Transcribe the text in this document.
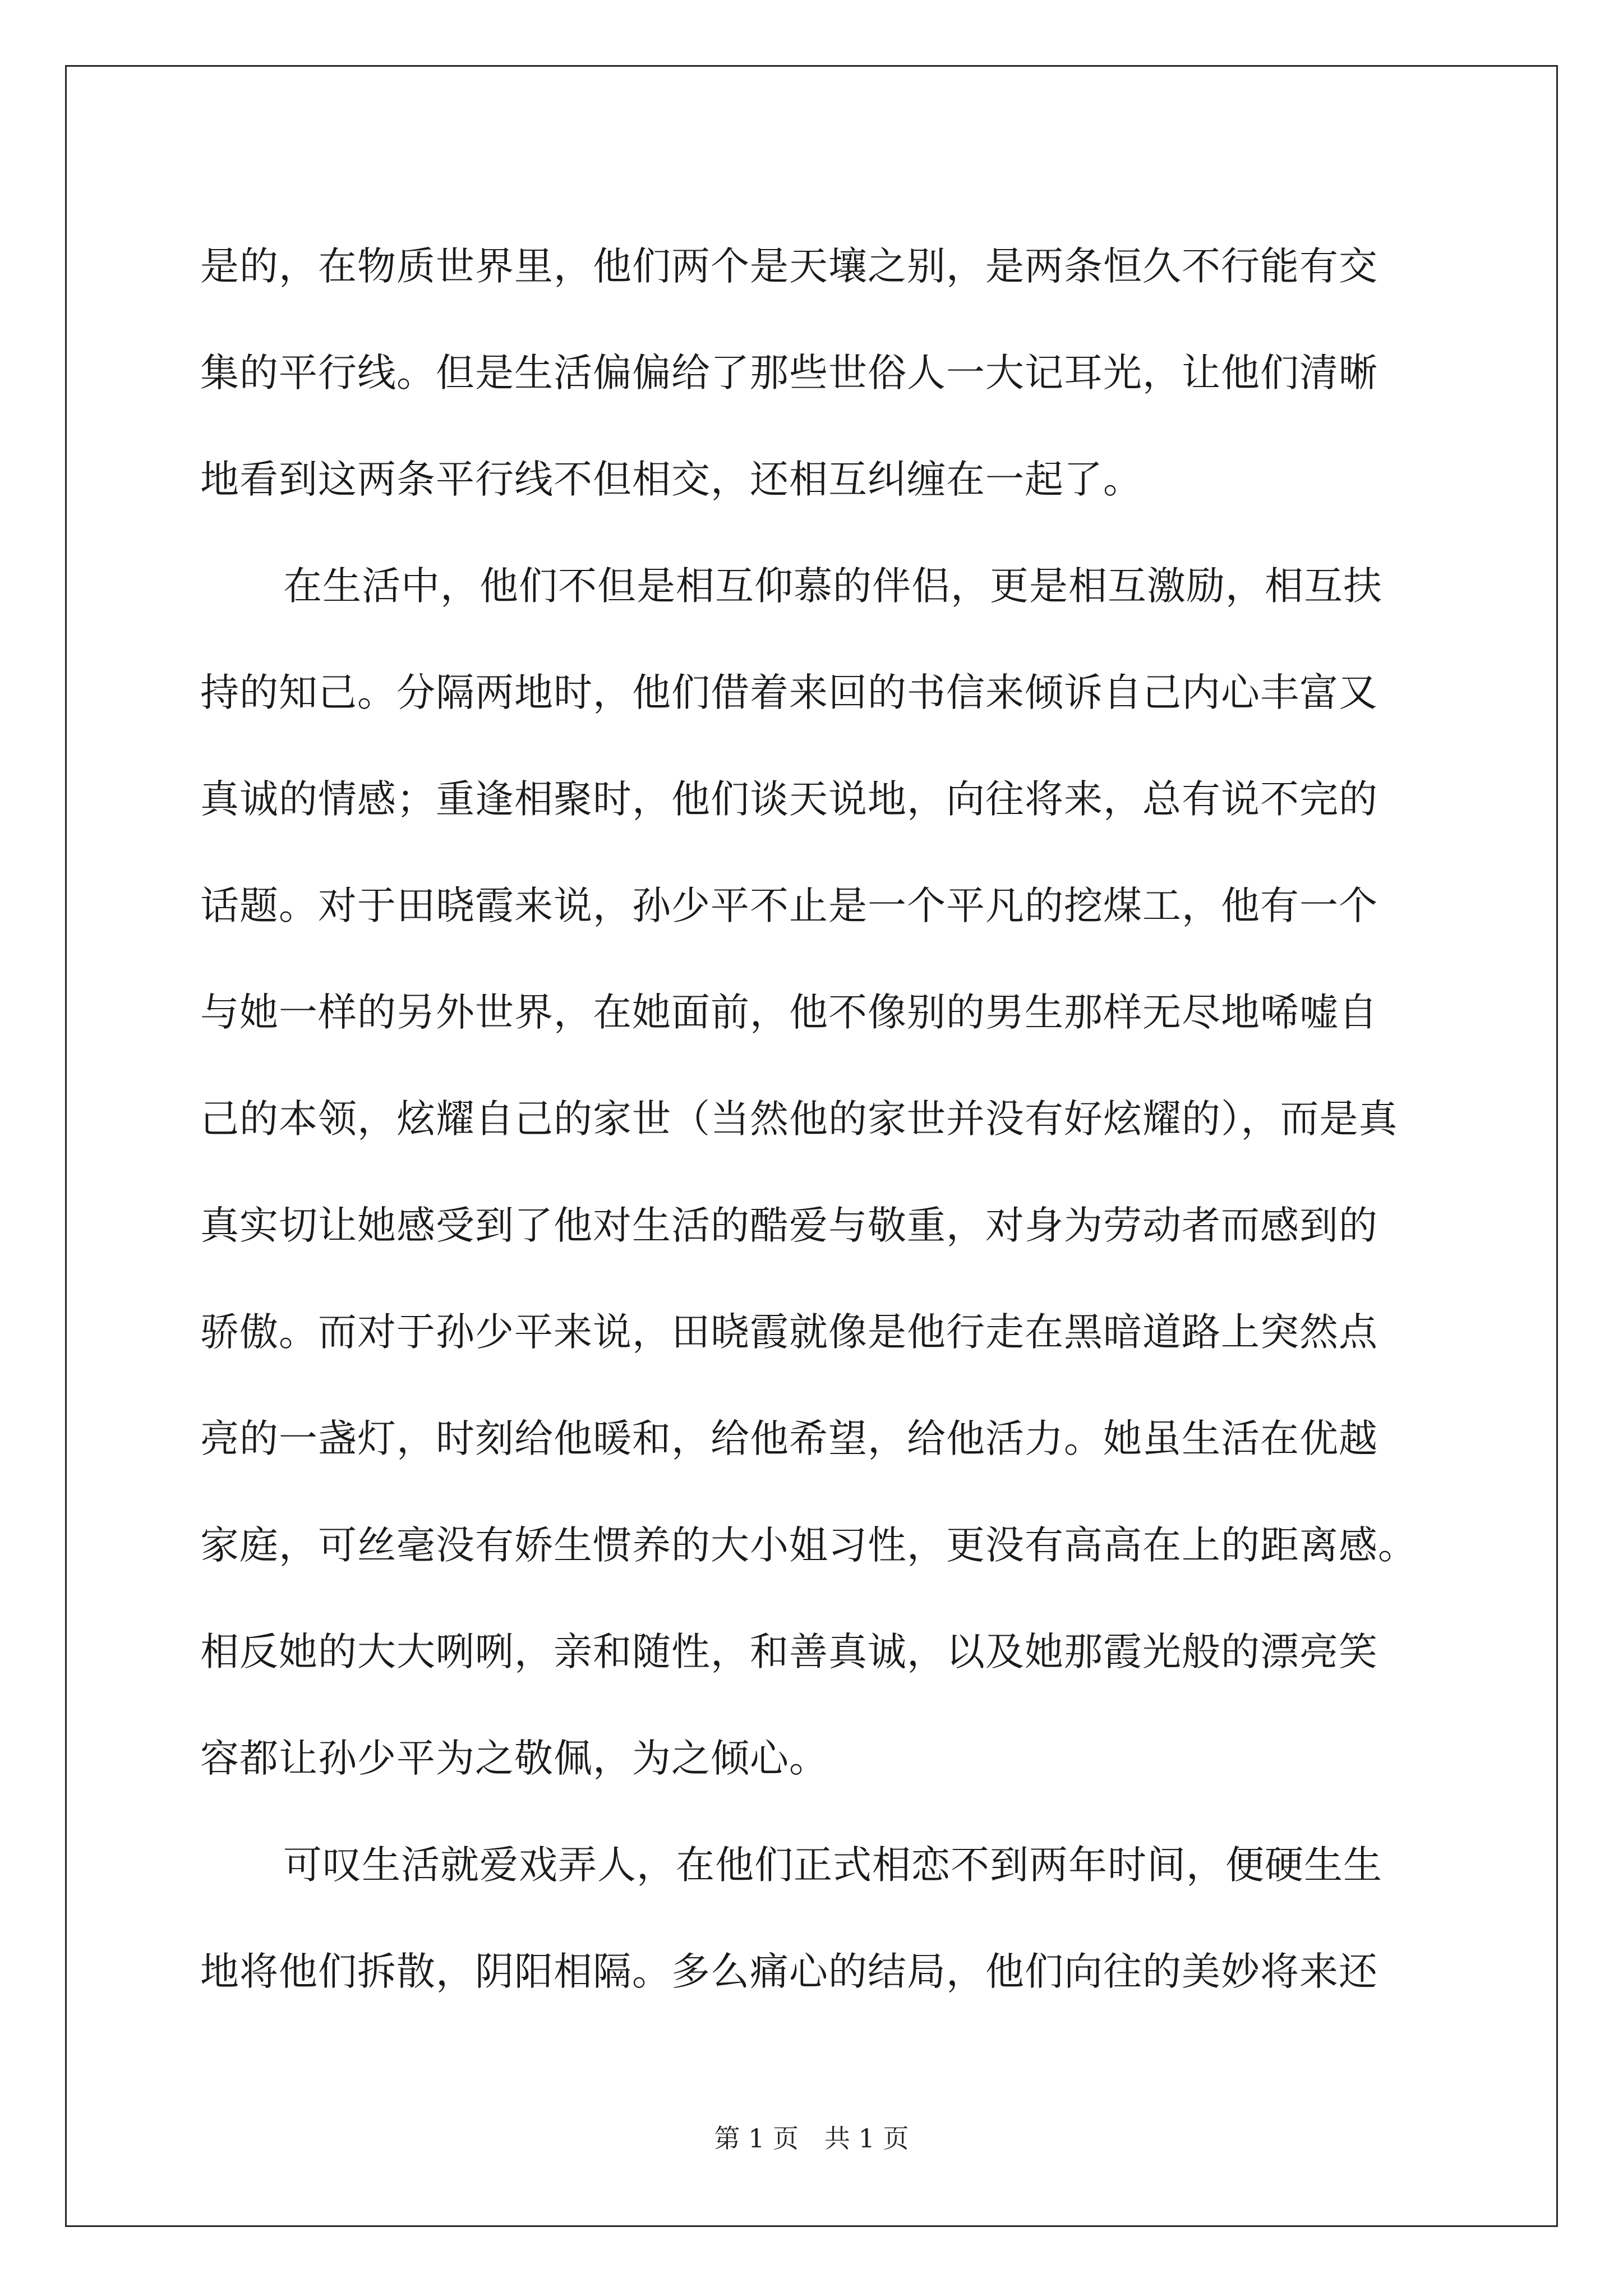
是的，在物质世界里，他们两个是天壤之别，是两条恒久不行能有交
集的平行线。但是生活偏偏给了那些世俗人一大记耳光，让他们清晰
地看到这两条平行线不但相交，还相互纠缠在一起了。
在生活中，他们不但是相互仰慕的伴侣，更是相互激励，相互扶
持的知己。分隔两地时，他们借着来回的书信来倾诉自己内心丰富又
真诚的情感；重逢相聚时，他们谈天说地，向往将来，总有说不完的
话题。对于田晓霞来说，孙少平不止是一个平凡的挖煤工，他有一个
与她一样的另外世界，在她面前，他不像别的男生那样无尽地唏嘘自
己的本领，炫耀自己的家世（当然他的家世并没有好炫耀的），而是真
真实切让她感受到了他对生活的酷爱与敬重，对身为劳动者而感到的
骄傲。而对于孙少平来说，田晓霞就像是他行走在黑暗道路上突然点
亮的一盏灯，时刻给他暖和，给他希望，给他活力。她虽生活在优越
家庭，可丝毫没有娇生惯养的大小姐习性，更没有高高在上的距离感。
相反她的大大咧咧，亲和随性，和善真诚，以及她那霞光般的漂亮笑
容都让孙少平为之敬佩，为之倾心。
可叹生活就爱戏弄人，在他们正式相恋不到两年时间，便硬生生
地将他们拆散，阴阳相隔。多么痛心的结局，他们向往的美妙将来还
第 1 页　共 1 页
